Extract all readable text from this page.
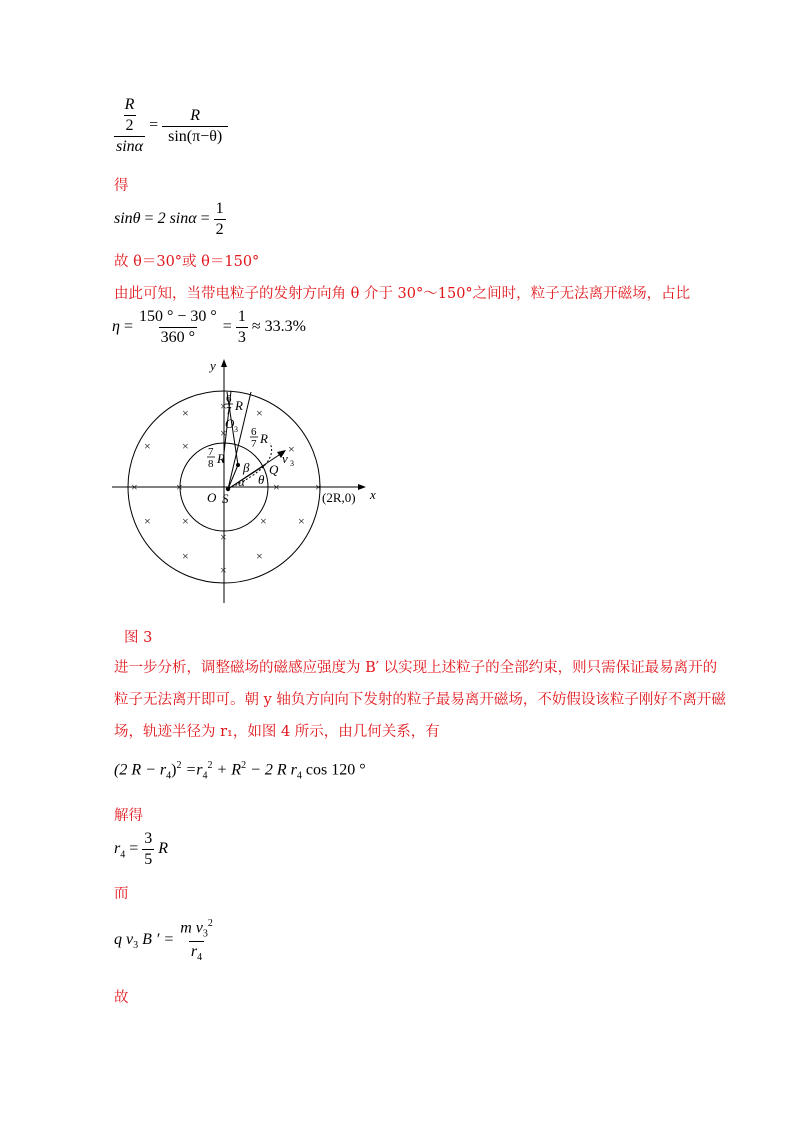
$\frac{\frac{R}{2}}{\sin\alpha} = \frac{R}{\sin(\pi-\theta)}$
得
sinθ = 2 $\sin\alpha = \frac{1}{2}$
故 θ＝30°或 θ＝150°
由此可知，当带电粒子的发射方向角 θ 介于 30°～150°之间时，粒子无法离开磁场，占比
$\eta = \frac{150 ^\circ - 30 ^\circ}{360 ^\circ} = \frac{1}{3} \approx 33.3\%$
×	× ×
×	×
×
×
×	×	×	×
×	×	×	×
×
×	×
×
y
x
O S
Q
(2R,0)
O 3
6
7 R
6
7 R
7
8 R
β
α θ
v 3
图 3
进一步分析，调整磁场的磁感应强度为 B′ 以实现上述粒子的全部约束，则只需保证最易离开的
粒子无法离开即可。朝 y 轴负方向向下发射的粒子最易离开磁场，不妨假设该粒子刚好不离开磁
场，轨迹半径为 r₁，如图 4 所示，由几何关系，有
(2 $R - r_4)^2 =r_4^2 + R^2 - 2$ R $r_4$ cos 120 °
解得
$r_4 = \frac{3}{5}$ R
而
q $v_3$ B ′ = $\frac{m v_3^2}{r_4}$
故
